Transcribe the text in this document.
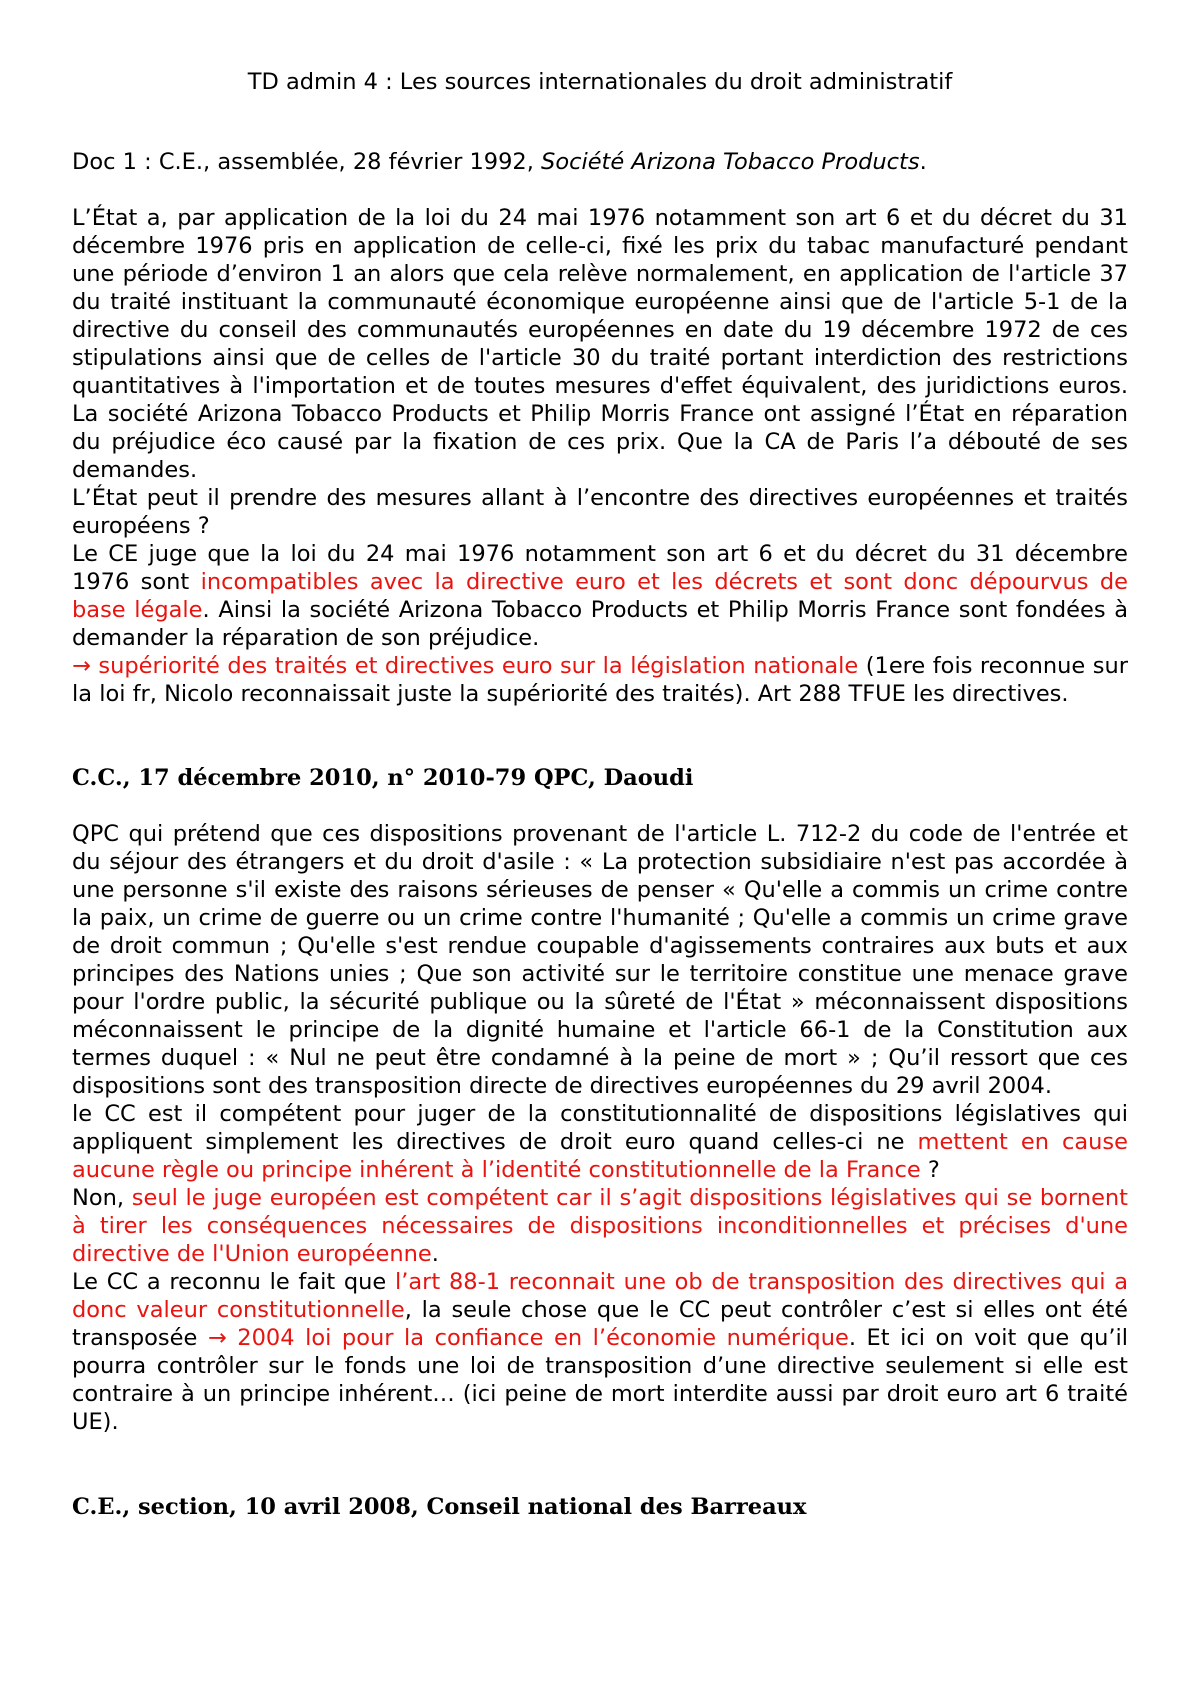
TD admin 4 : Les sources internationales du droit administratif
Doc 1 : C.E., assemblée, 28 février 1992, Société Arizona Tobacco Products.

L’État a, par application de la loi du 24 mai 1976 notamment son art 6 et du décret du 31 décembre 1976 pris en application de celle-ci, fixé les prix du tabac manufacturé pendant une période d’environ 1 an alors que cela relève normalement, en application de l'article 37 du traité instituant la communauté économique européenne ainsi que de l'article 5-1 de la directive du conseil des communautés européennes en date du 19 décembre 1972 de ces stipulations ainsi que de celles de l'article 30 du traité portant interdiction des restrictions quantitatives à l'importation et de toutes mesures d'effet équivalent, des juridictions euros. La société Arizona Tobacco Products et Philip Morris France ont assigné l’État en réparation du préjudice éco causé par la fixation de ces prix. Que la CA de Paris l’a débouté de ses demandes.

L’État peut il prendre des mesures allant à l’encontre des directives européennes et traités européens ?

Le CE juge que la loi du 24 mai 1976 notamment son art 6 et du décret du 31 décembre 1976 sont incompatibles avec la directive euro et les décrets et sont donc dépourvus de base légale. Ainsi la société Arizona Tobacco Products et Philip Morris France sont fondées à demander la réparation de son préjudice.

→ supériorité des traités et directives euro sur la législation nationale (1ere fois reconnue sur la loi fr, Nicolo reconnaissait juste la supériorité des traités). Art 288 TFUE les directives.

C.C., 17 décembre 2010, n° 2010-79 QPC, Daoudi

QPC qui prétend que ces dispositions provenant de l'article L. 712-2 du code de l'entrée et du séjour des étrangers et du droit d'asile : « La protection subsidiaire n'est pas accordée à une personne s'il existe des raisons sérieuses de penser « Qu'elle a commis un crime contre la paix, un crime de guerre ou un crime contre l'humanité ; Qu'elle a commis un crime grave de droit commun ; Qu'elle s'est rendue coupable d'agissements contraires aux buts et aux principes des Nations unies ; Que son activité sur le territoire constitue une menace grave pour l'ordre public, la sécurité publique ou la sûreté de l'État » méconnaissent dispositions méconnaissent le principe de la dignité humaine et l'article 66-1 de la Constitution aux termes duquel : « Nul ne peut être condamné à la peine de mort » ; Qu’il ressort que ces dispositions sont des transposition directe de directives européennes du 29 avril 2004.

le CC est il compétent pour juger de la constitutionnalité de dispositions législatives qui appliquent simplement les directives de droit euro quand celles-ci ne mettent en cause aucune règle ou principe inhérent à l’identité constitutionnelle de la France ?

Non, seul le juge européen est compétent car il s’agit dispositions législatives qui se bornent à tirer les conséquences nécessaires de dispositions inconditionnelles et précises d'une directive de l'Union européenne.

Le CC a reconnu le fait que l’art 88-1 reconnait une ob de transposition des directives qui a donc valeur constitutionnelle, la seule chose que le CC peut contrôler c’est si elles ont été transposée → 2004 loi pour la confiance en l’économie numérique. Et ici on voit que qu’il pourra contrôler sur le fonds une loi de transposition d’une directive seulement si elle est contraire à un principe inhérent… (ici peine de mort interdite aussi par droit euro art 6 traité UE).

C.E., section, 10 avril 2008, Conseil national des Barreaux
